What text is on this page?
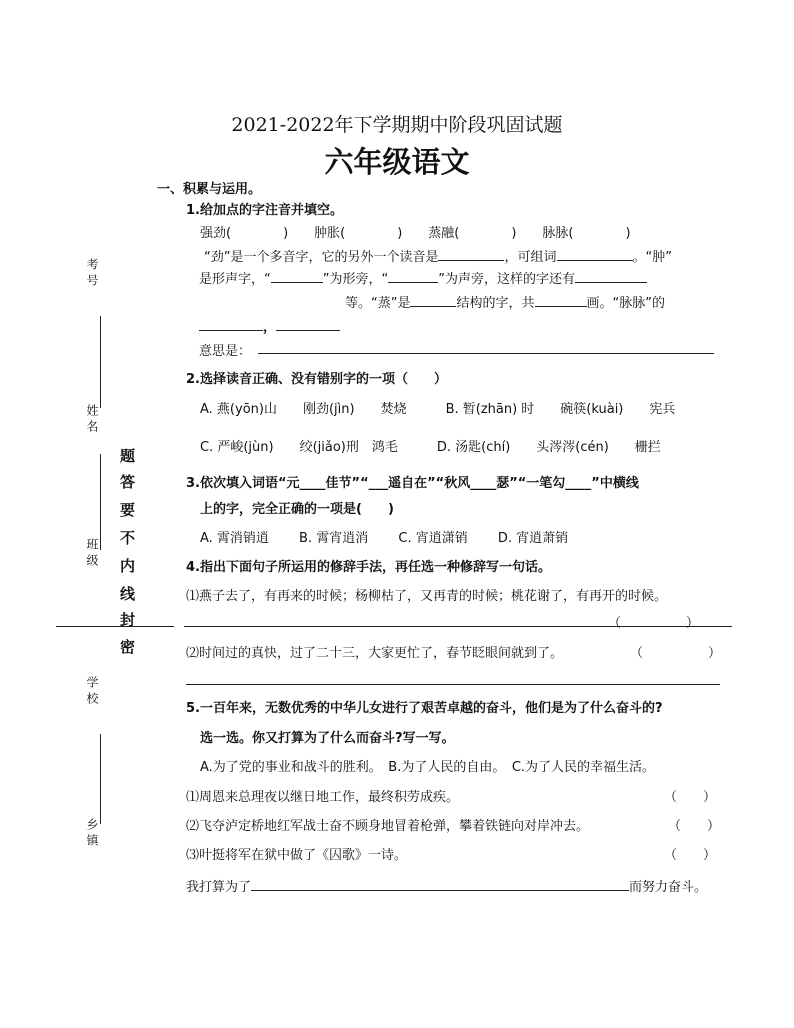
2021-2022年下学期期中阶段巩固试题
六年级语文
考号
姓名
班级
学校
乡镇
题
答
要
不
内
线
封
密
一、积累与运用。
1.给加点的字注音并填空。
强劲(　　　　)　　肿胀(　　　　)　　蒸融(　　　　)　　脉脉(　　　　)
“劲”是一个多音字，它的另外一个读音是	，可组词	。“肿”
是形声字，“	”为形旁，“	”为声旁，这样的字还有
等。“蒸”是	结构的字，共	画。“脉脉”的
，
意思是：
2.选择读音正确、没有错别字的一项（　　）
A. 燕(yōn)山　　刚劲(jìn)　　焚烧　　　B. 暂(zhān) 时　　碗筷(kuài)　　宪兵
C. 严峻(jùn)　　绞(jiǎo)刑　鸿毛　　　D. 汤匙(chí)　　头涔涔(cén)　　栅拦
3.依次填入词语“元____佳节”“___遥自在”“秋风____瑟”“一笔勾____”中横线
上的字，完全正确的一项是(　　)
A. 霄消销逍　　 B. 霄宵逍消　　 C. 宵逍潇销　　 D. 宵逍萧销
4.指出下面句子所运用的修辞手法，再任选一种修辞写一句话。
⑴燕子去了，有再来的时候；杨柳枯了，又再青的时候；桃花谢了，有再开的时候。
（　　　　　）
⑵时间过的真快，过了二十三，大家更忙了，春节眨眼间就到了。	（　　　　　）
5.一百年来，无数优秀的中华儿女进行了艰苦卓越的奋斗，他们是为了什么奋斗的?
选一选。你又打算为了什么而奋斗?写一写。
A.为了党的事业和战斗的胜利。　B.为了人民的自由。　C.为了人民的幸福生活。
⑴周恩来总理夜以继日地工作，最终积劳成疾。	（　　）
⑵飞夺泸定桥地红军战士奋不顾身地冒着枪弹，攀着铁链向对岸冲去。	（　　）
⑶叶挺将军在狱中做了《囚歌》一诗。	（　　）
我打算为了	而努力奋斗。
